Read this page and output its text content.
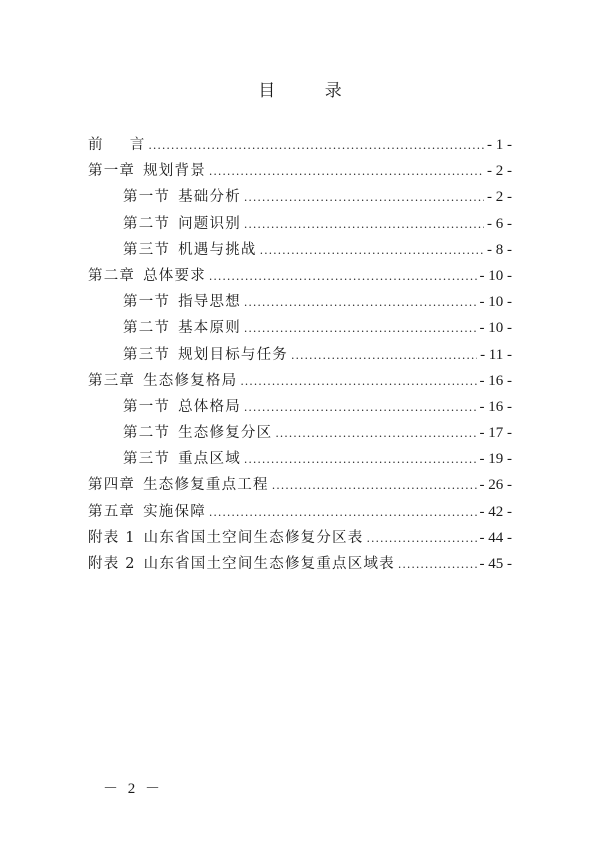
目 录
前 言 .....	- 1 -
第一章 规划背景 .....	- 2 -
第一节 基础分析 .....	- 2 -
第二节 问题识别 .....	- 6 -
第三节 机遇与挑战 .....	- 8 -
第二章 总体要求 .....	- 10 -
第一节 指导思想 .....	- 10 -
第二节 基本原则 .....	- 10 -
第三节 规划目标与任务 .....	- 11 -
第三章 生态修复格局 .....	- 16 -
第一节 总体格局 .....	- 16 -
第二节 生态修复分区 .....	- 17 -
第三节 重点区域 .....	- 19 -
第四章 生态修复重点工程 .....	- 26 -
第五章 实施保障 .....	- 42 -
附表 1 山东省国土空间生态修复分区表 .....	- 44 -
附表 2 山东省国土空间生态修复重点区域表 .....	- 45 -
－ 2 －
